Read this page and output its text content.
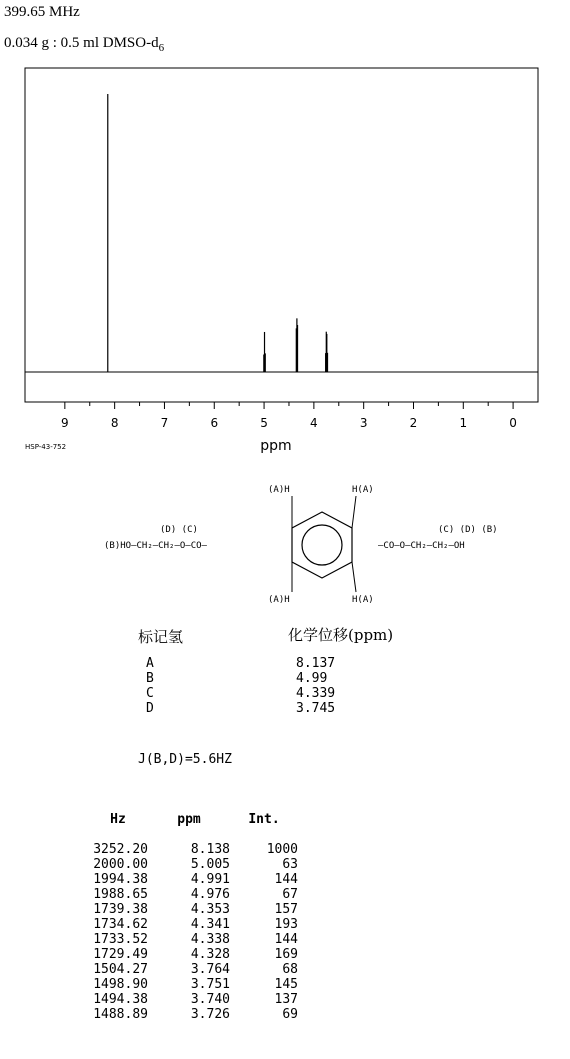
399.65 MHz
0.034 g : 0.5 ml DMSO-$d_6$
9	8	7	6	5	4	3	2	1	0
ppm
HSP-43-752
(A)H	H(A)
(A)H	H(A)
(D) (C)
(B)HO—CH₂—CH₂—O—CO—
(C) (D) (B)
—CO—O—CH₂—CH₂—OH
标记氢	化学位移(ppm)
A	8.137
B	4.99
C	4.339
D	3.745
J(B,D)=5.6HZ
Hz	ppm	Int.

3252.20	8.138	1000
2000.00	5.005	63
1994.38	4.991	144
1988.65	4.976	67
1739.38	4.353	157
1734.62	4.341	193
1733.52	4.338	144
1729.49	4.328	169
1504.27	3.764	68
1498.90	3.751	145
1494.38	3.740	137
1488.89	3.726	69
